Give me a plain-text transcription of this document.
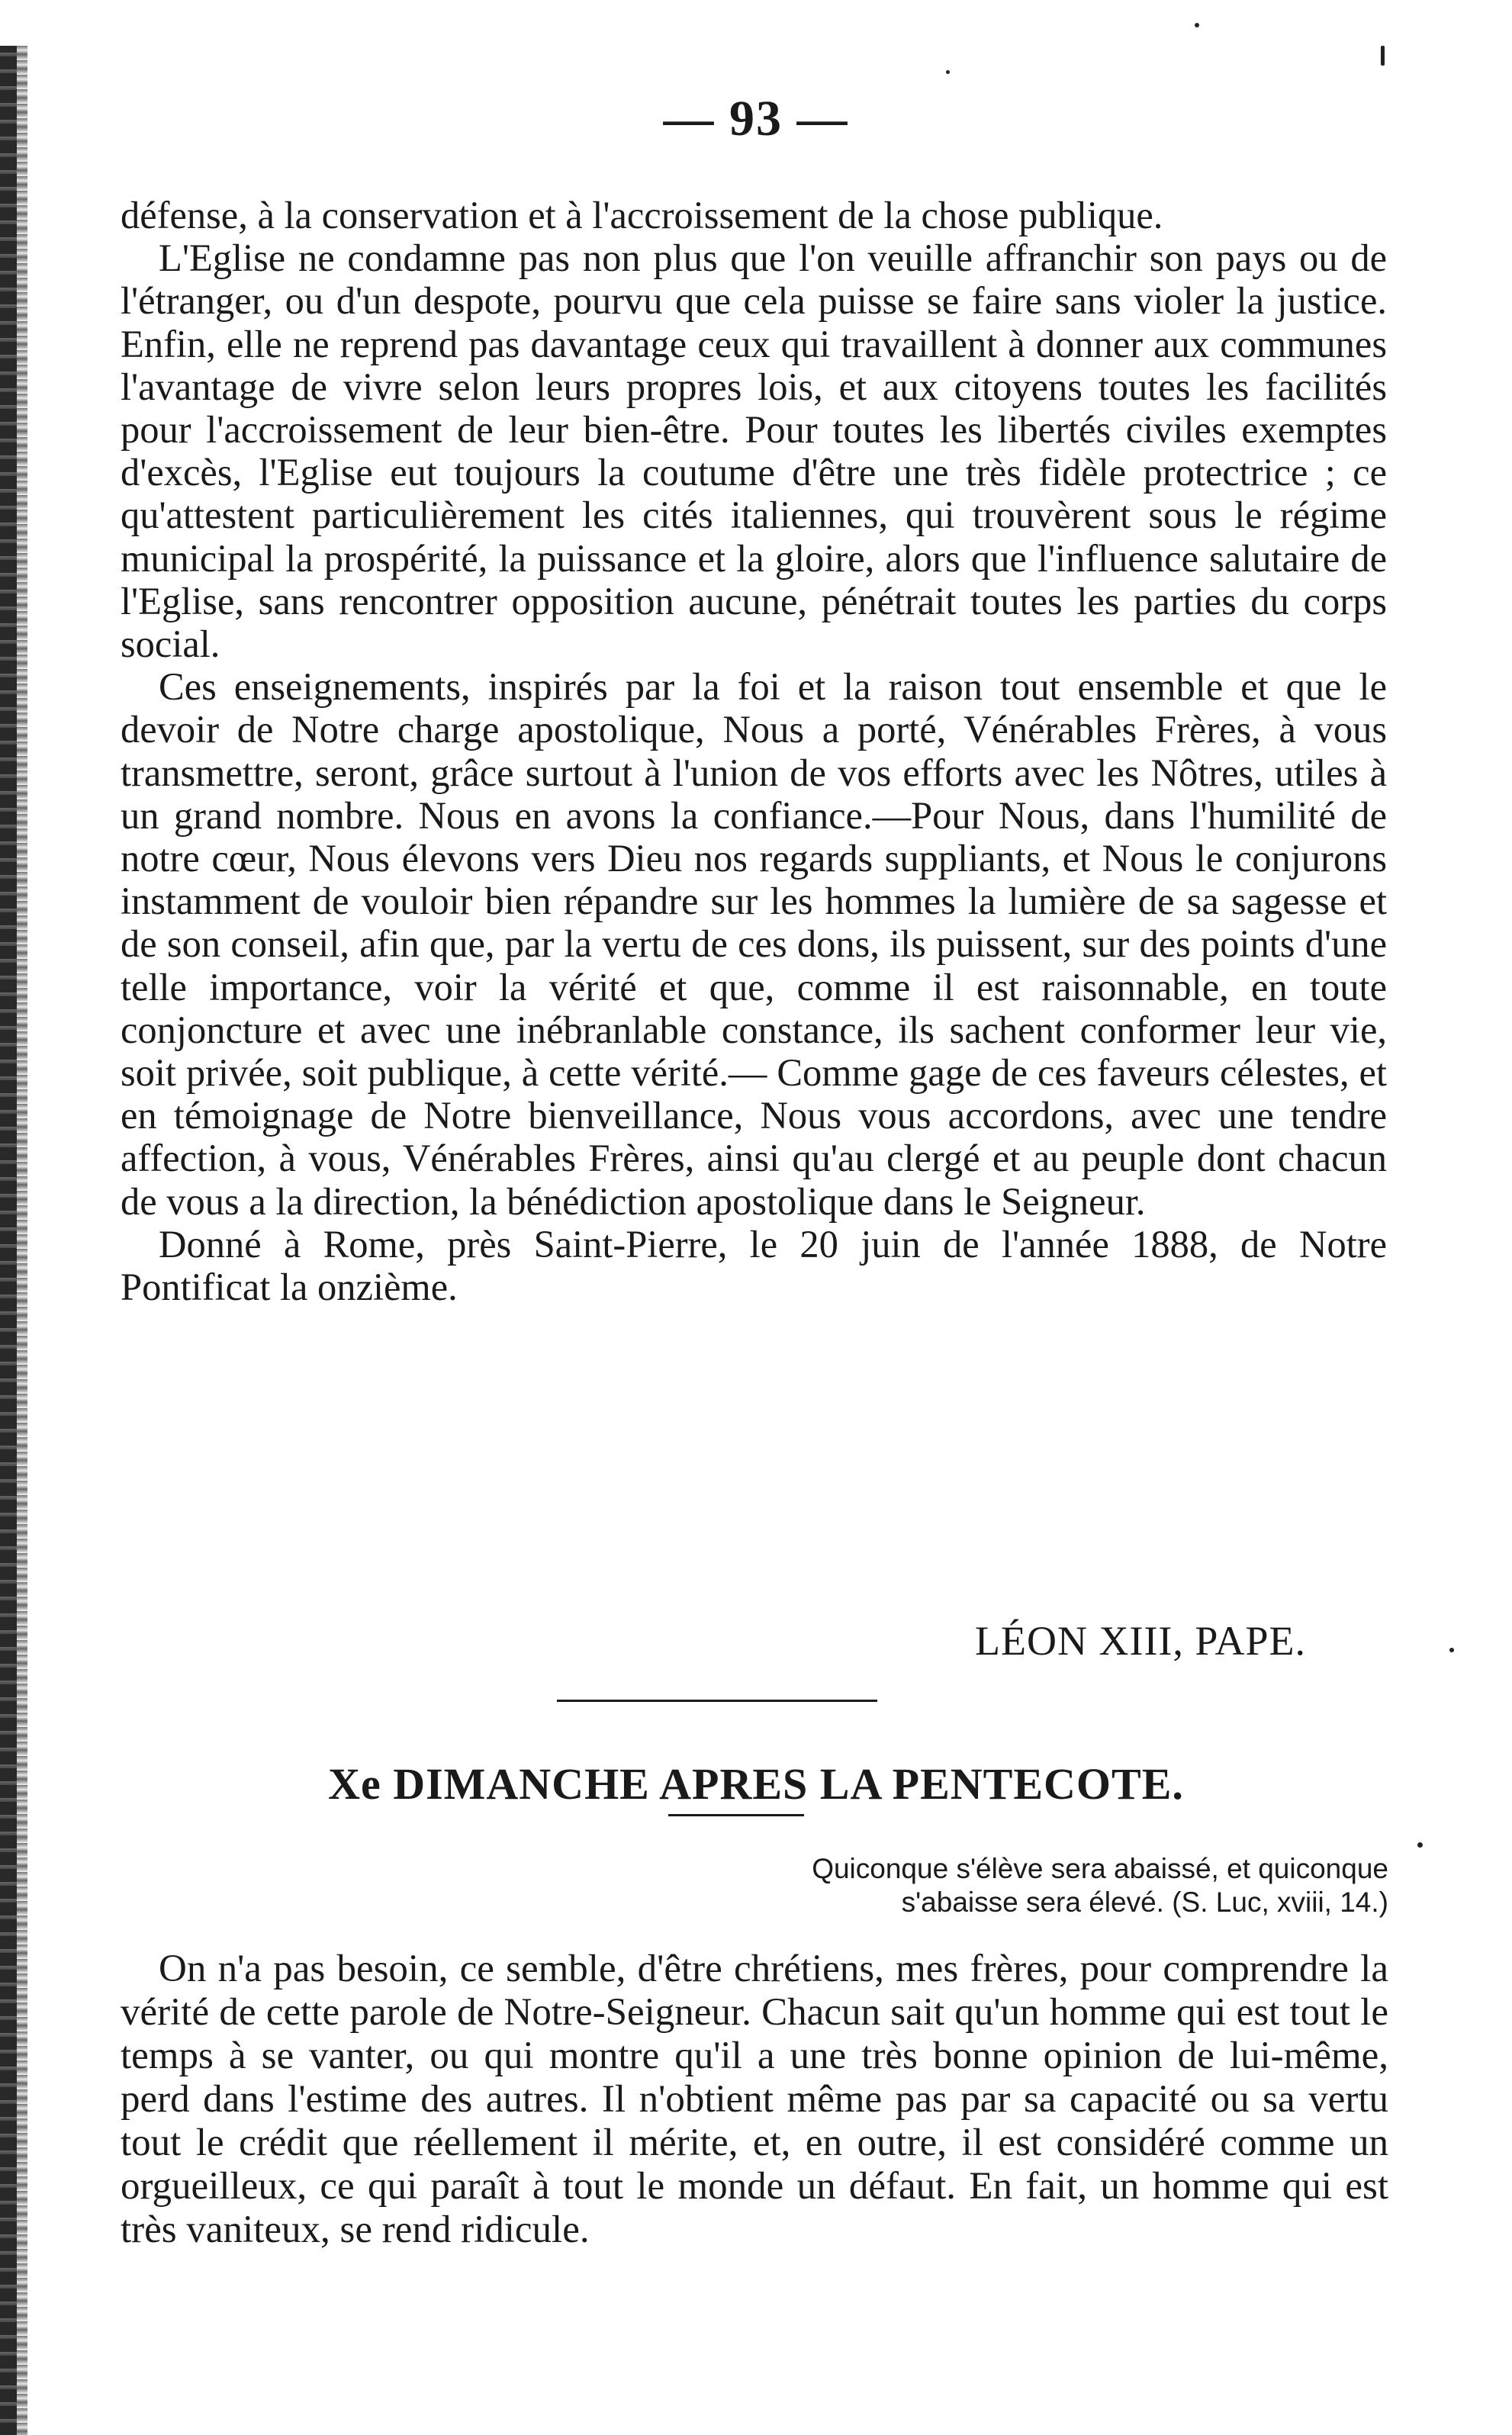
— 93 —

défense, à la conservation et à l'accroissement de la chose publique.

L'Eglise ne condamne pas non plus que l'on veuille affranchir son pays ou de l'étranger, ou d'un despote, pourvu que cela puisse se faire sans violer la justice. Enfin, elle ne reprend pas davantage ceux qui travaillent à donner aux communes l'avantage de vivre selon leurs propres lois, et aux citoyens toutes les facilités pour l'accroissement de leur bien-être. Pour toutes les libertés civiles exemptes d'excès, l'Eglise eut toujours la coutume d'être une très fidèle protectrice ; ce qu'attestent particulièrement les cités italiennes, qui trouvèrent sous le régime municipal la prospérité, la puissance et la gloire, alors que l'influence salutaire de l'Eglise, sans rencontrer opposition aucune, pénétrait toutes les parties du corps social.

Ces enseignements, inspirés par la foi et la raison tout ensemble et que le devoir de Notre charge apostolique, Nous a porté, Vénérables Frères, à vous transmettre, seront, grâce surtout à l'union de vos efforts avec les Nôtres, utiles à un grand nombre. Nous en avons la confiance.—Pour Nous, dans l'humilité de notre cœur, Nous élevons vers Dieu nos regards suppliants, et Nous le conjurons instamment de vouloir bien répandre sur les hommes la lumière de sa sagesse et de son conseil, afin que, par la vertu de ces dons, ils puissent, sur des points d'une telle importance, voir la vérité et que, comme il est raisonnable, en toute conjoncture et avec une inébranlable constance, ils sachent conformer leur vie, soit privée, soit publique, à cette vérité.— Comme gage de ces faveurs célestes, et en témoignage de Notre bienveillance, Nous vous accordons, avec une tendre affection, à vous, Vénérables Frères, ainsi qu'au clergé et au peuple dont chacun de vous a la direction, la bénédiction apostolique dans le Seigneur.

Donné à Rome, près Saint-Pierre, le 20 juin de l'année 1888, de Notre Pontificat la onzième.

LÉON XIII, PAPE.
Xe DIMANCHE APRES LA PENTECOTE.
Quiconque s'élève sera abaissé, et quiconque
s'abaisse sera élevé. (S. Luc, xviii, 14.)

On n'a pas besoin, ce semble, d'être chrétiens, mes frères, pour comprendre la vérité de cette parole de Notre-Seigneur. Chacun sait qu'un homme qui est tout le temps à se vanter, ou qui montre qu'il a une très bonne opinion de lui-même, perd dans l'estime des autres. Il n'obtient même pas par sa capacité ou sa vertu tout le crédit que réellement il mérite, et, en outre, il est considéré comme un orgueilleux, ce qui paraît à tout le monde un défaut. En fait, un homme qui est très vaniteux, se rend ridicule.
